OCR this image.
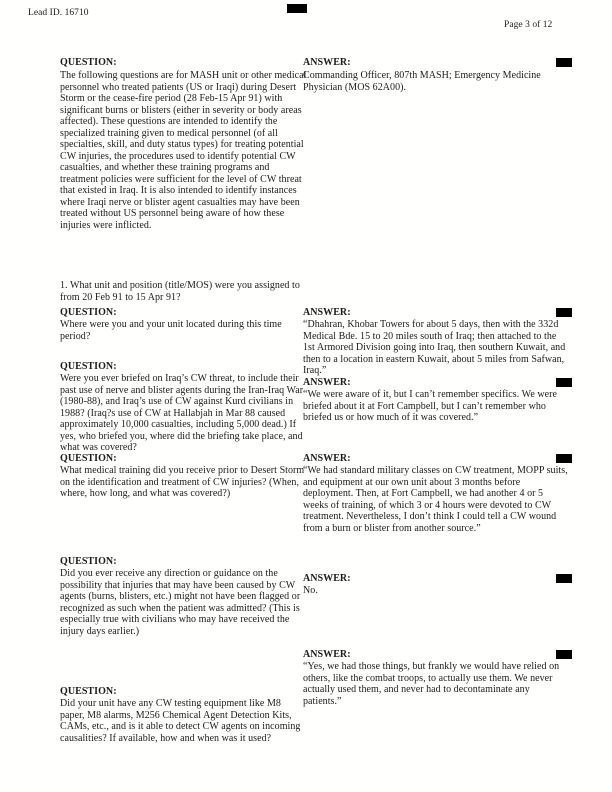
Lead ID. 16710
Page 3 of 12
QUESTION:
The following questions are for MASH unit or other medical personnel who treated patients (US or Iraqi) during Desert Storm or the cease-fire period (28 Feb-15 Apr 91) with significant burns or blisters (either in severity or body areas affected). These questions are intended to identify the specialized training given to medical personnel (of all specialties, skill, and duty status types) for treating potential CW injuries, the procedures used to identify potential CW casualties, and whether these training programs and treatment policies were sufficient for the level of CW threat that existed in Iraq. It is also intended to identify instances where Iraqi nerve or blister agent casualties may have been treated without US personnel being aware of how these injuries were inflicted.
1. What unit and position (title/MOS) were you assigned to from 20 Feb 91 to 15 Apr 91?
ANSWER:
Commanding Officer, 807th MASH; Emergency Medicine Physician (MOS 62A00).
QUESTION:
Where were you and your unit located during this time period?
ANSWER:
“Dhahran, Khobar Towers for about 5 days, then with the 332d Medical Bde. 15 to 20 miles south of Iraq; then attached to the 1st Armored Division going into Iraq, then southern Kuwait, and then to a location in eastern Kuwait, about 5 miles from Safwan, Iraq.”
QUESTION:
Were you ever briefed on Iraq’s CW threat, to include their past use of nerve and blister agents during the Iran-Iraq War (1980-88), and Iraq’s use of CW against Kurd civilians in 1988? (Iraq?s use of CW at Hallabjah in Mar 88 caused approximately 10,000 casualties, including 5,000 dead.) If yes, who briefed you, where did the briefing take place, and what was covered?
ANSWER:
“We were aware of it, but I can’t remember specifics. We were briefed about it at Fort Campbell, but I can’t remember who briefed us or how much of it was covered.”
QUESTION:
What medical training did you receive prior to Desert Storm on the identification and treatment of CW injuries? (When, where, how long, and what was covered?)
ANSWER:
“We had standard military classes on CW treatment, MOPP suits, and equipment at our own unit about 3 months before deployment. Then, at Fort Campbell, we had another 4 or 5 weeks of training, of which 3 or 4 hours were devoted to CW treatment. Nevertheless, I don’t think I could tell a CW wound from a burn or blister from another source.”
QUESTION:
Did you ever receive any direction or guidance on the possibility that injuries that may have been caused by CW agents (burns, blisters, etc.) might not have been flagged or recognized as such when the patient was admitted? (This is especially true with civilians who may have received the injury days earlier.)
ANSWER:
No.
QUESTION:
Did your unit have any CW testing equipment like M8 paper, M8 alarms, M256 Chemical Agent Detection Kits, CAMs, etc., and is it able to detect CW agents on incoming causalities? If available, how and when was it used?
ANSWER:
“Yes, we had those things, but frankly we would have relied on others, like the combat troops, to actually use them. We never actually used them, and never had to decontaminate any patients.”
